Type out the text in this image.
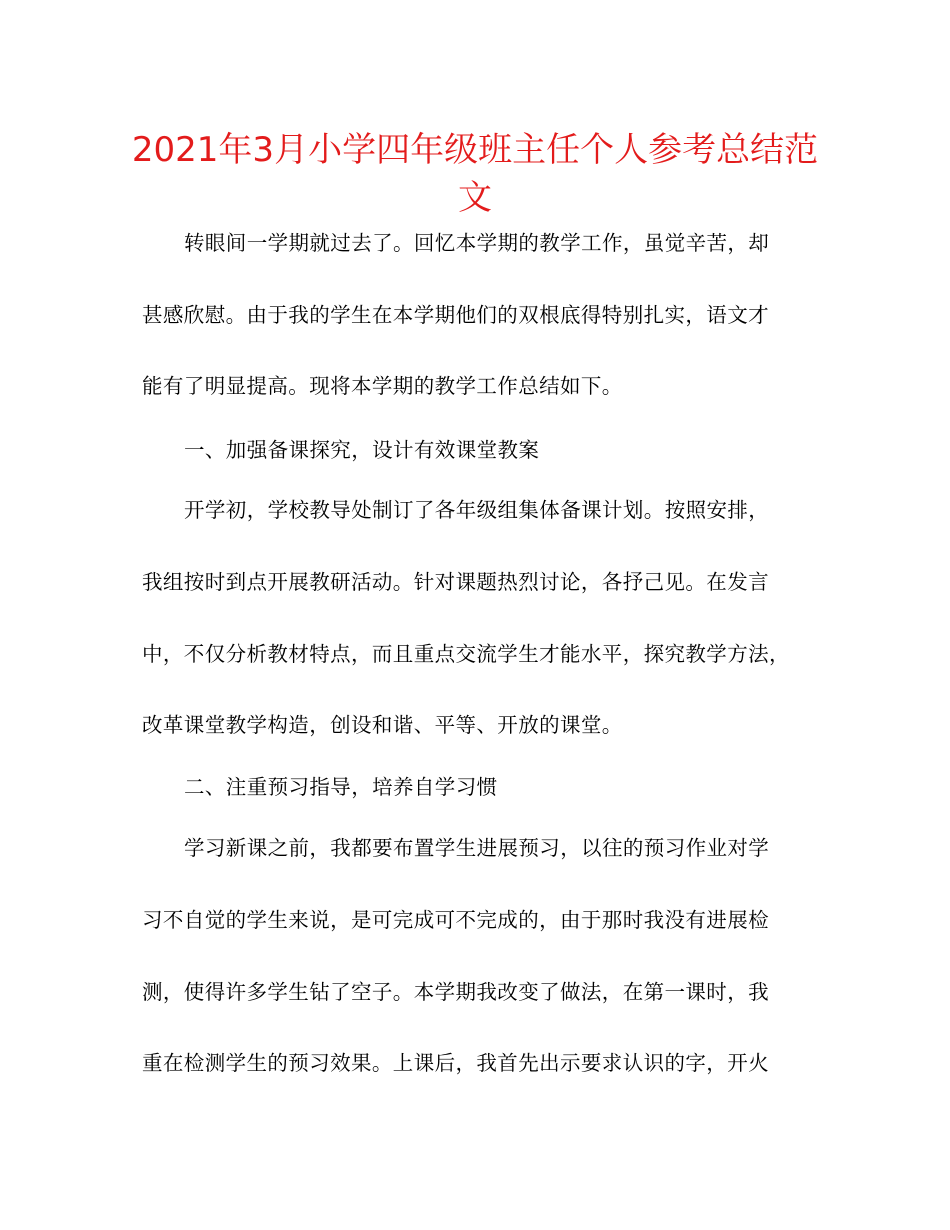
2021年3月小学四年级班主任个人参考总结范
文
转眼间一学期就过去了。回忆本学期的教学工作，虽觉辛苦，却
甚感欣慰。由于我的学生在本学期他们的双根底得特别扎实，语文才
能有了明显提高。现将本学期的教学工作总结如下。
一、加强备课探究，设计有效课堂教案
开学初，学校教导处制订了各年级组集体备课计划。按照安排，
我组按时到点开展教研活动。针对课题热烈讨论，各抒己见。在发言
中，不仅分析教材特点，而且重点交流学生才能水平，探究教学方法，
改革课堂教学构造，创设和谐、平等、开放的课堂。
二、注重预习指导，培养自学习惯
学习新课之前，我都要布置学生进展预习，以往的预习作业对学
习不自觉的学生来说，是可完成可不完成的，由于那时我没有进展检
测，使得许多学生钻了空子。本学期我改变了做法，在第一课时，我
重在检测学生的预习效果。上课后，我首先出示要求认识的字，开火
